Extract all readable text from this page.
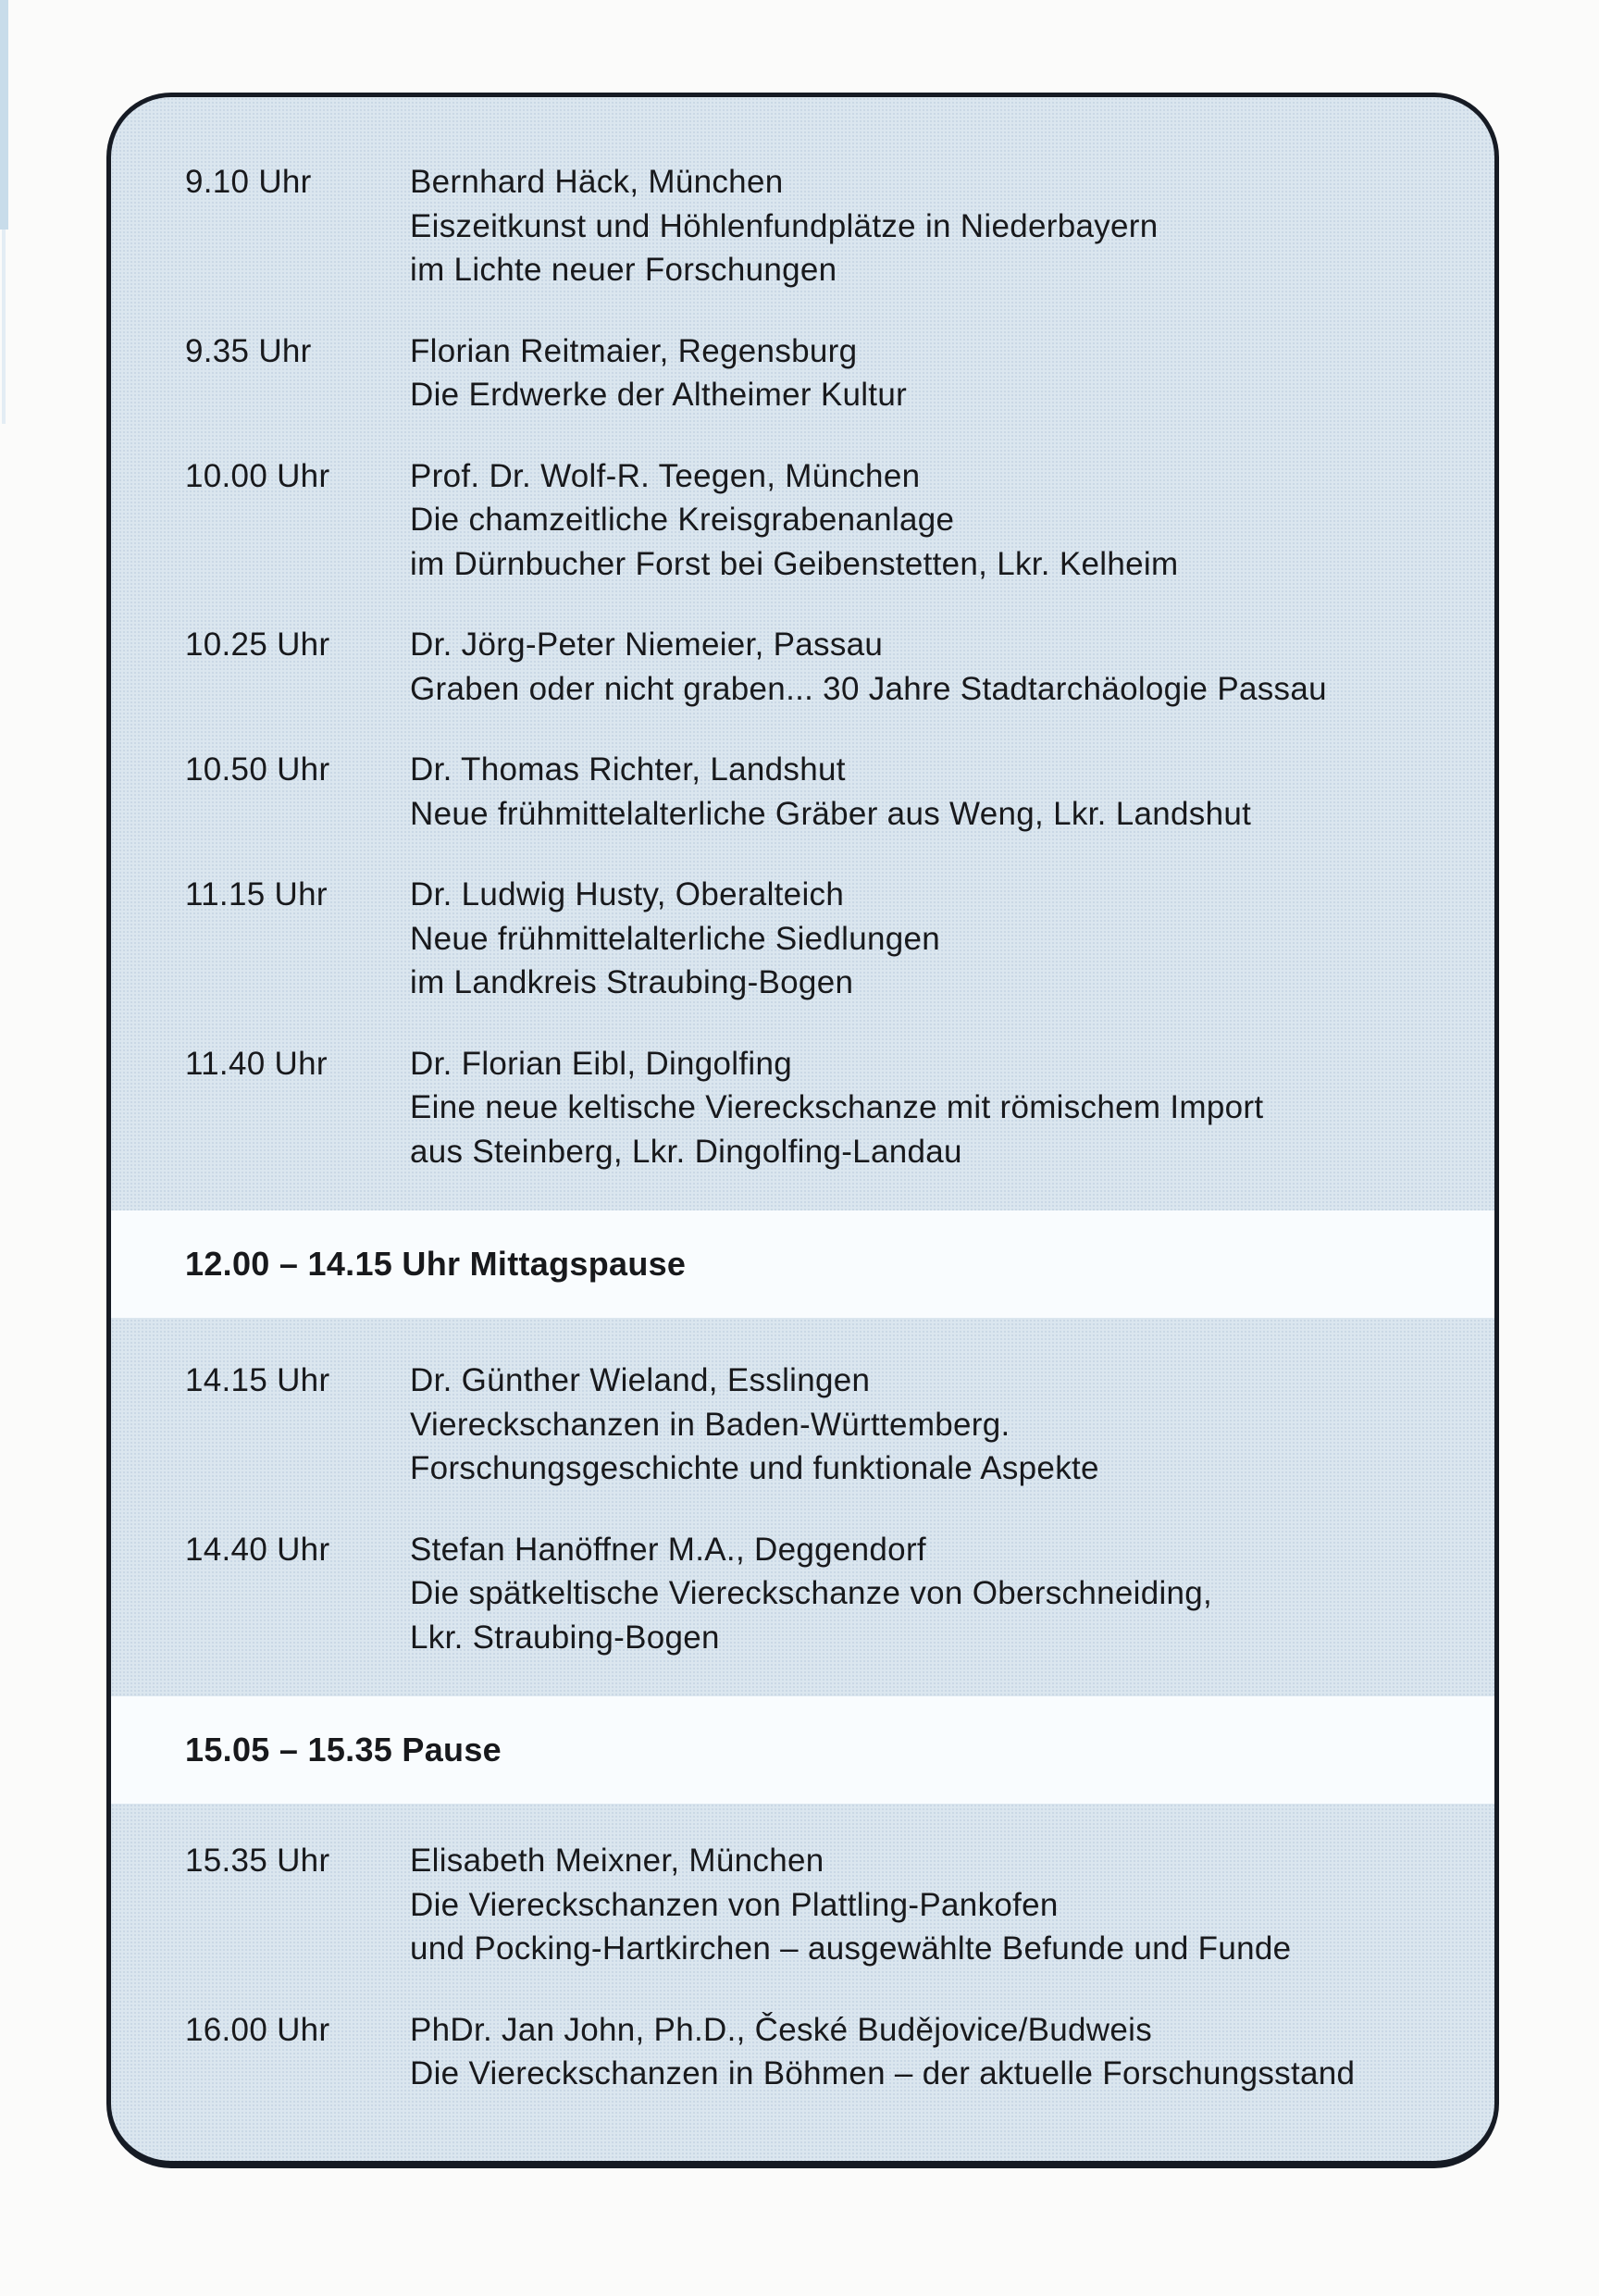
9.10 Uhr	Bernhard Häck, München
Eiszeitkunst und Höhlenfundplätze in Niederbayern
im Lichte neuer Forschungen
9.35 Uhr	Florian Reitmaier, Regensburg
Die Erdwerke der Altheimer Kultur
10.00 Uhr	Prof. Dr. Wolf-R. Teegen, München
Die chamzeitliche Kreisgrabenanlage
im Dürnbucher Forst bei Geibenstetten, Lkr. Kelheim
10.25 Uhr	Dr. Jörg-Peter Niemeier, Passau
Graben oder nicht graben... 30 Jahre Stadtarchäologie Passau
10.50 Uhr	Dr. Thomas Richter, Landshut
Neue frühmittelalterliche Gräber aus Weng, Lkr. Landshut
11.15 Uhr	Dr. Ludwig Husty, Oberalteich
Neue frühmittelalterliche Siedlungen
im Landkreis Straubing-Bogen
11.40 Uhr	Dr. Florian Eibl, Dingolfing
Eine neue keltische Viereckschanze mit römischem Import
aus Steinberg, Lkr. Dingolfing-Landau
12.00 – 14.15 Uhr Mittagspause
14.15 Uhr	Dr. Günther Wieland, Esslingen
Viereckschanzen in Baden-Württemberg.
Forschungsgeschichte und funktionale Aspekte
14.40 Uhr	Stefan Hanöffner M.A., Deggendorf
Die spätkeltische Viereckschanze von Oberschneiding,
Lkr. Straubing-Bogen
15.05 – 15.35 Pause
15.35 Uhr	Elisabeth Meixner, München
Die Viereckschanzen von Plattling-Pankofen
und Pocking-Hartkirchen – ausgewählte Befunde und Funde
16.00 Uhr	PhDr. Jan John, Ph.D., České Budějovice/Budweis
Die Viereckschanzen in Böhmen – der aktuelle Forschungsstand
